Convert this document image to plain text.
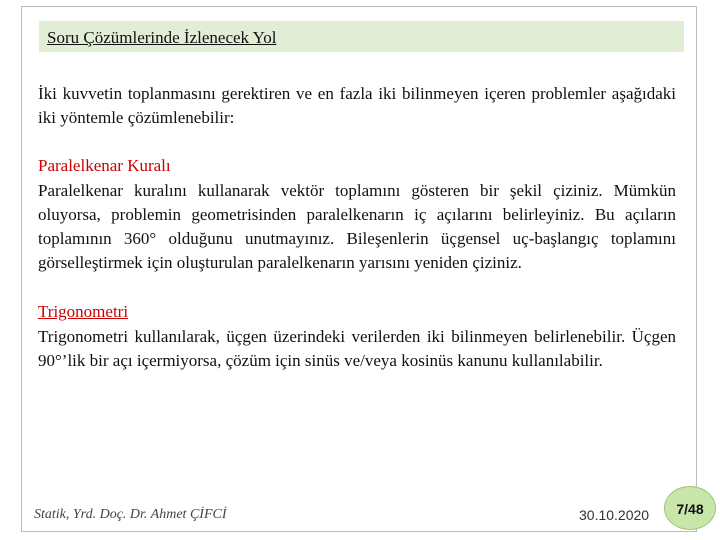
Soru Çözümlerinde İzlenecek Yol

İki kuvvetin toplanmasını gerektiren ve en fazla iki bilinmeyen içeren problemler aşağıdaki iki yöntemle çözümlenebilir:

Paralelkenar Kuralı

Paralelkenar kuralını kullanarak vektör toplamını gösteren bir şekil çiziniz. Mümkün oluyorsa, problemin geometrisinden paralelkenarın iç açılarını belirleyiniz. Bu açıların toplamının 360° olduğunu unutmayınız. Bileşenlerin üçgensel uç-başlangıç toplamını görselleştirmek için oluşturulan paralelkenarın yarısını yeniden çiziniz.

Trigonometri

Trigonometri kullanılarak, üçgen üzerindeki verilerden iki bilinmeyen belirlenebilir. Üçgen 90°’lik bir açı içermiyorsa, çözüm için sinüs ve/veya kosinüs kanunu kullanılabilir.

Statik, Yrd. Doç. Dr. Ahmet ÇİFCİ	30.10.2020	7/48
